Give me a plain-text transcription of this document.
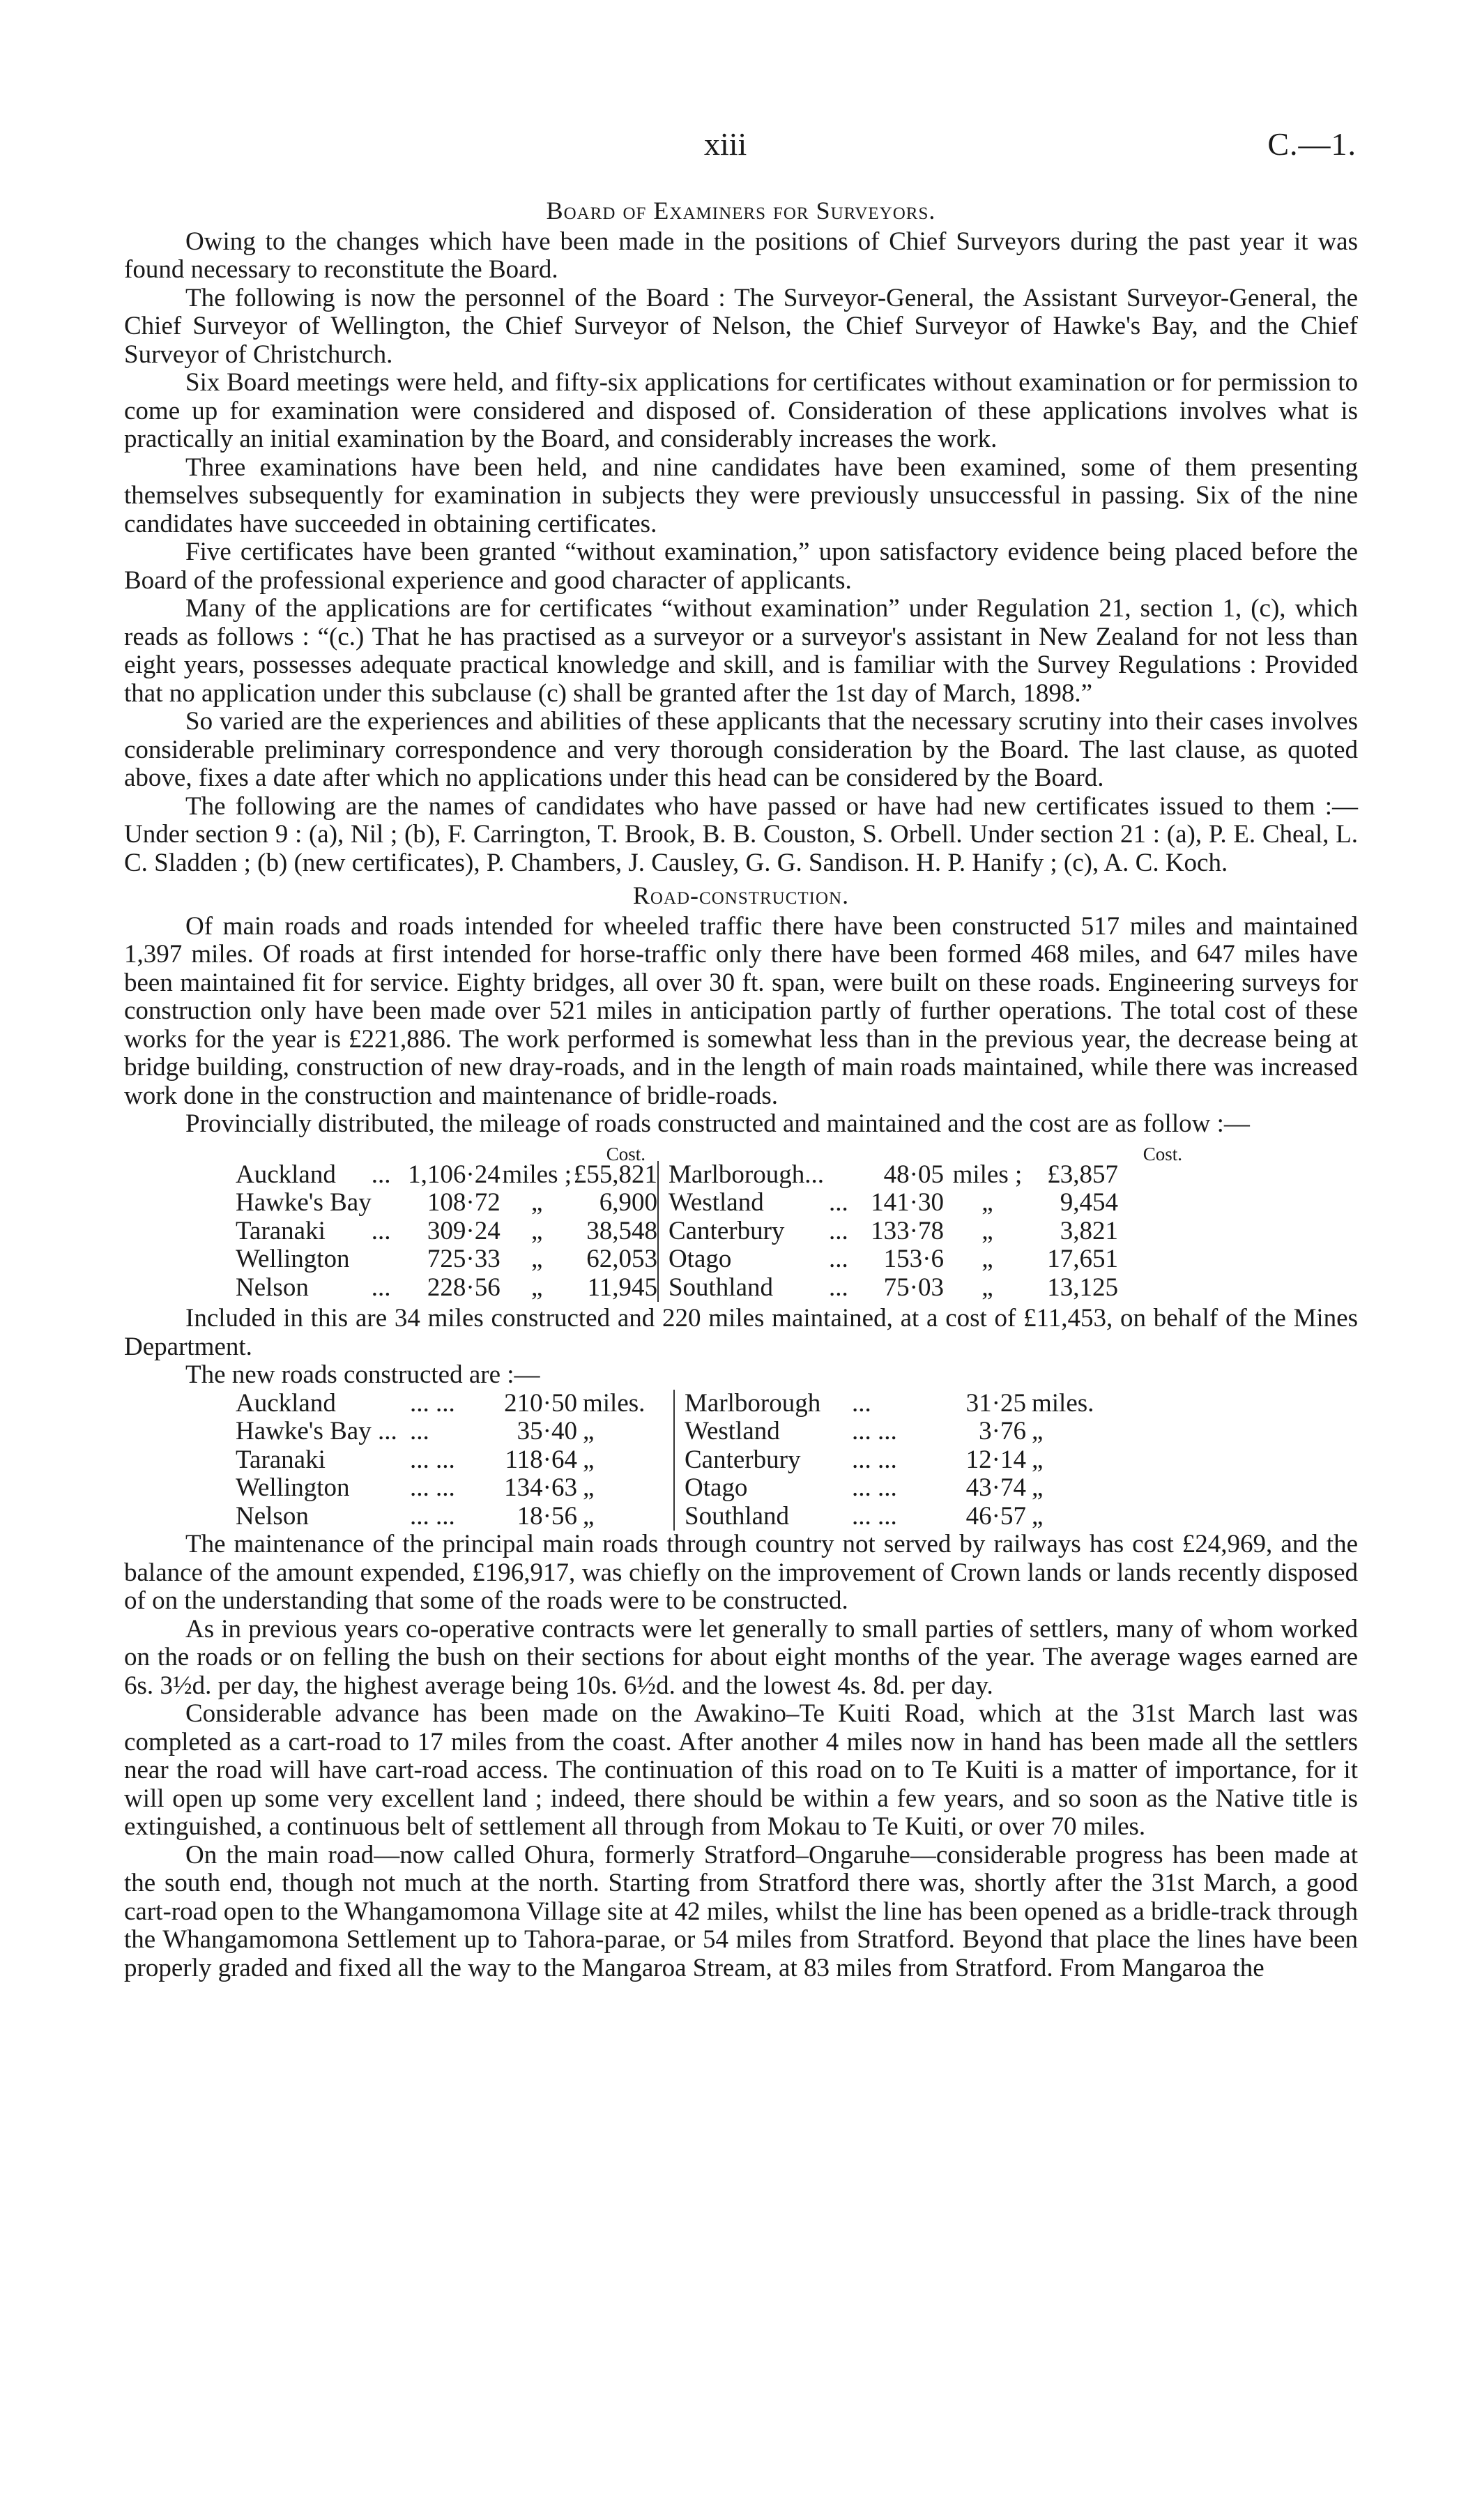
xiii	C.—1.
Board of Examiners for Surveyors.

Owing to the changes which have been made in the positions of Chief Surveyors during the past year it was found necessary to reconstitute the Board.

The following is now the personnel of the Board : The Surveyor-General, the Assistant Surveyor-General, the Chief Surveyor of Wellington, the Chief Surveyor of Nelson, the Chief Surveyor of Hawke's Bay, and the Chief Surveyor of Christchurch.

Six Board meetings were held, and fifty-six applications for certificates without examination or for permission to come up for examination were considered and disposed of. Consideration of these applications involves what is practically an initial examination by the Board, and considerably increases the work.

Three examinations have been held, and nine candidates have been examined, some of them presenting themselves subsequently for examination in subjects they were previously unsuccessful in passing. Six of the nine candidates have succeeded in obtaining certificates.

Five certificates have been granted “without examination,” upon satisfactory evidence being placed before the Board of the professional experience and good character of applicants.

Many of the applications are for certificates “without examination” under Regulation 21, section 1, (c), which reads as follows : “(c.) That he has practised as a surveyor or a surveyor's assistant in New Zealand for not less than eight years, possesses adequate practical knowledge and skill, and is familiar with the Survey Regulations : Provided that no application under this subclause (c) shall be granted after the 1st day of March, 1898.”

So varied are the experiences and abilities of these applicants that the necessary scrutiny into their cases involves considerable preliminary correspondence and very thorough consideration by the Board. The last clause, as quoted above, fixes a date after which no applications under this head can be considered by the Board.

The following are the names of candidates who have passed or have had new certificates issued to them :—Under section 9 : (a), Nil ; (b), F. Carrington, T. Brook, B. B. Couston, S. Orbell. Under section 21 : (a), P. E. Cheal, L. C. Sladden ; (b) (new certificates), P. Chambers, J. Causley, G. G. Sandison. H. P. Hanify ; (c), A. C. Koch.

Road-construction.

Of main roads and roads intended for wheeled traffic there have been constructed 517 miles and maintained 1,397 miles. Of roads at first intended for horse-traffic only there have been formed 468 miles, and 647 miles have been maintained fit for service. Eighty bridges, all over 30 ft. span, were built on these roads. Engineering surveys for construction only have been made over 521 miles in anticipation partly of further operations. The total cost of these works for the year is £221,886. The work performed is somewhat less than in the previous year, the decrease being at bridge building, construction of new dray-roads, and in the length of main roads maintained, while there was increased work done in the construction and maintenance of bridle-roads.

Provincially distributed, the mileage of roads constructed and maintained and the cost are as follow :—

Cost.	Cost.
Auckland	...	1,106·24	miles ;	£55,821	Marlborough...		48·05	miles ;	£3,857
Hawke's Bay		108·72	„	6,900	Westland	...	141·30	„	9,454
Taranaki	...	309·24	„	38,548	Canterbury	...	133·78	„	3,821
Wellington		725·33	„	62,053	Otago	...	153·6	„	17,651
Nelson	...	228·56	„	11,945	Southland	...	75·03	„	13,125

Included in this are 34 miles constructed and 220 miles maintained, at a cost of £11,453, on behalf of the Mines Department.

The new roads constructed are :—

Auckland	... ...	210·50	miles.	Marlborough	...	31·25	miles.
Hawke's Bay ...	...	35·40	„	Westland	... ...	3·76	„
Taranaki	... ...	118·64	„	Canterbury	... ...	12·14	„
Wellington	... ...	134·63	„	Otago	... ...	43·74	„
Nelson	... ...	18·56	„	Southland	... ...	46·57	„

The maintenance of the principal main roads through country not served by railways has cost £24,969, and the balance of the amount expended, £196,917, was chiefly on the improvement of Crown lands or lands recently disposed of on the understanding that some of the roads were to be constructed.

As in previous years co-operative contracts were let generally to small parties of settlers, many of whom worked on the roads or on felling the bush on their sections for about eight months of the year. The average wages earned are 6s. 3½d. per day, the highest average being 10s. 6½d. and the lowest 4s. 8d. per day.

Considerable advance has been made on the Awakino–Te Kuiti Road, which at the 31st March last was completed as a cart-road to 17 miles from the coast. After another 4 miles now in hand has been made all the settlers near the road will have cart-road access. The continuation of this road on to Te Kuiti is a matter of importance, for it will open up some very excellent land ; indeed, there should be within a few years, and so soon as the Native title is extinguished, a continuous belt of settlement all through from Mokau to Te Kuiti, or over 70 miles.

On the main road—now called Ohura, formerly Stratford–Ongaruhe—considerable progress has been made at the south end, though not much at the north. Starting from Stratford there was, shortly after the 31st March, a good cart-road open to the Whangamomona Village site at 42 miles, whilst the line has been opened as a bridle-track through the Whangamomona Settlement up to Tahora-parae, or 54 miles from Stratford. Beyond that place the lines have been properly graded and fixed all the way to the Mangaroa Stream, at 83 miles from Stratford. From Mangaroa the
